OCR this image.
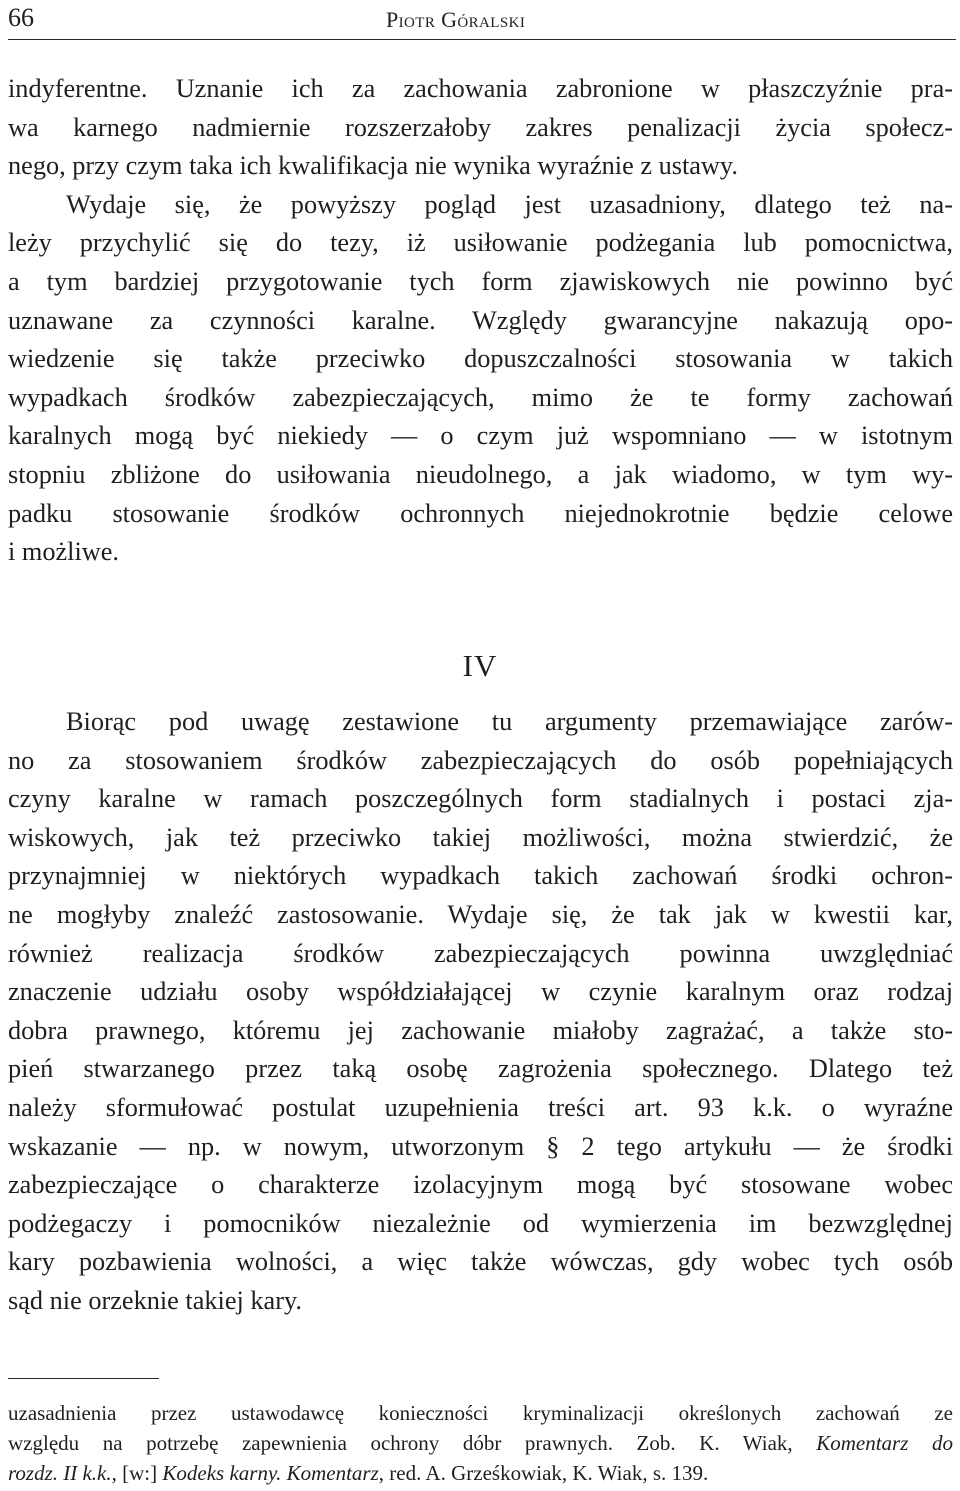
66	Piotr Góralski
indyferentne. Uznanie ich za zachowania zabronione w płaszczyźnie pra-
wa karnego nadmiernie rozszerzałoby zakres penalizacji życia społecz-
nego, przy czym taka ich kwalifikacja nie wynika wyraźnie z ustawy.
Wydaje się, że powyższy pogląd jest uzasadniony, dlatego też na-
leży przychylić się do tezy, iż usiłowanie podżegania lub pomocnictwa,
a tym bardziej przygotowanie tych form zjawiskowych nie powinno być
uznawane za czynności karalne. Względy gwarancyjne nakazują opo-
wiedzenie się także przeciwko dopuszczalności stosowania w takich
wypadkach środków zabezpieczających, mimo że te formy zachowań
karalnych mogą być niekiedy — o czym już wspomniano — w istotnym
stopniu zbliżone do usiłowania nieudolnego, a jak wiadomo, w tym wy-
padku stosowanie środków ochronnych niejednokrotnie będzie celowe
i możliwe.
IV
Biorąc pod uwagę zestawione tu argumenty przemawiające zarów-
no za stosowaniem środków zabezpieczających do osób popełniających
czyny karalne w ramach poszczególnych form stadialnych i postaci zja-
wiskowych, jak też przeciwko takiej możliwości, można stwierdzić, że
przynajmniej w niektórych wypadkach takich zachowań środki ochron-
ne mogłyby znaleźć zastosowanie. Wydaje się, że tak jak w kwestii kar,
również realizacja środków zabezpieczających powinna uwzględniać
znaczenie udziału osoby współdziałającej w czynie karalnym oraz rodzaj
dobra prawnego, któremu jej zachowanie miałoby zagrażać, a także sto-
pień stwarzanego przez taką osobę zagrożenia społecznego. Dlatego też
należy sformułować postulat uzupełnienia treści art. 93 k.k. o wyraźne
wskazanie — np. w nowym, utworzonym § 2 tego artykułu — że środki
zabezpieczające o charakterze izolacyjnym mogą być stosowane wobec
podżegaczy i pomocników niezależnie od wymierzenia im bezwzględnej
kary pozbawienia wolności, a więc także wówczas, gdy wobec tych osób
sąd nie orzeknie takiej kary.
uzasadnienia przez ustawodawcę konieczności kryminalizacji określonych zachowań ze
względu na potrzebę zapewnienia ochrony dóbr prawnych. Zob. K. Wiak, Komentarz do
rozdz. II k.k., [w:] Kodeks karny. Komentarz, red. A. Grześkowiak, K. Wiak, s. 139.
